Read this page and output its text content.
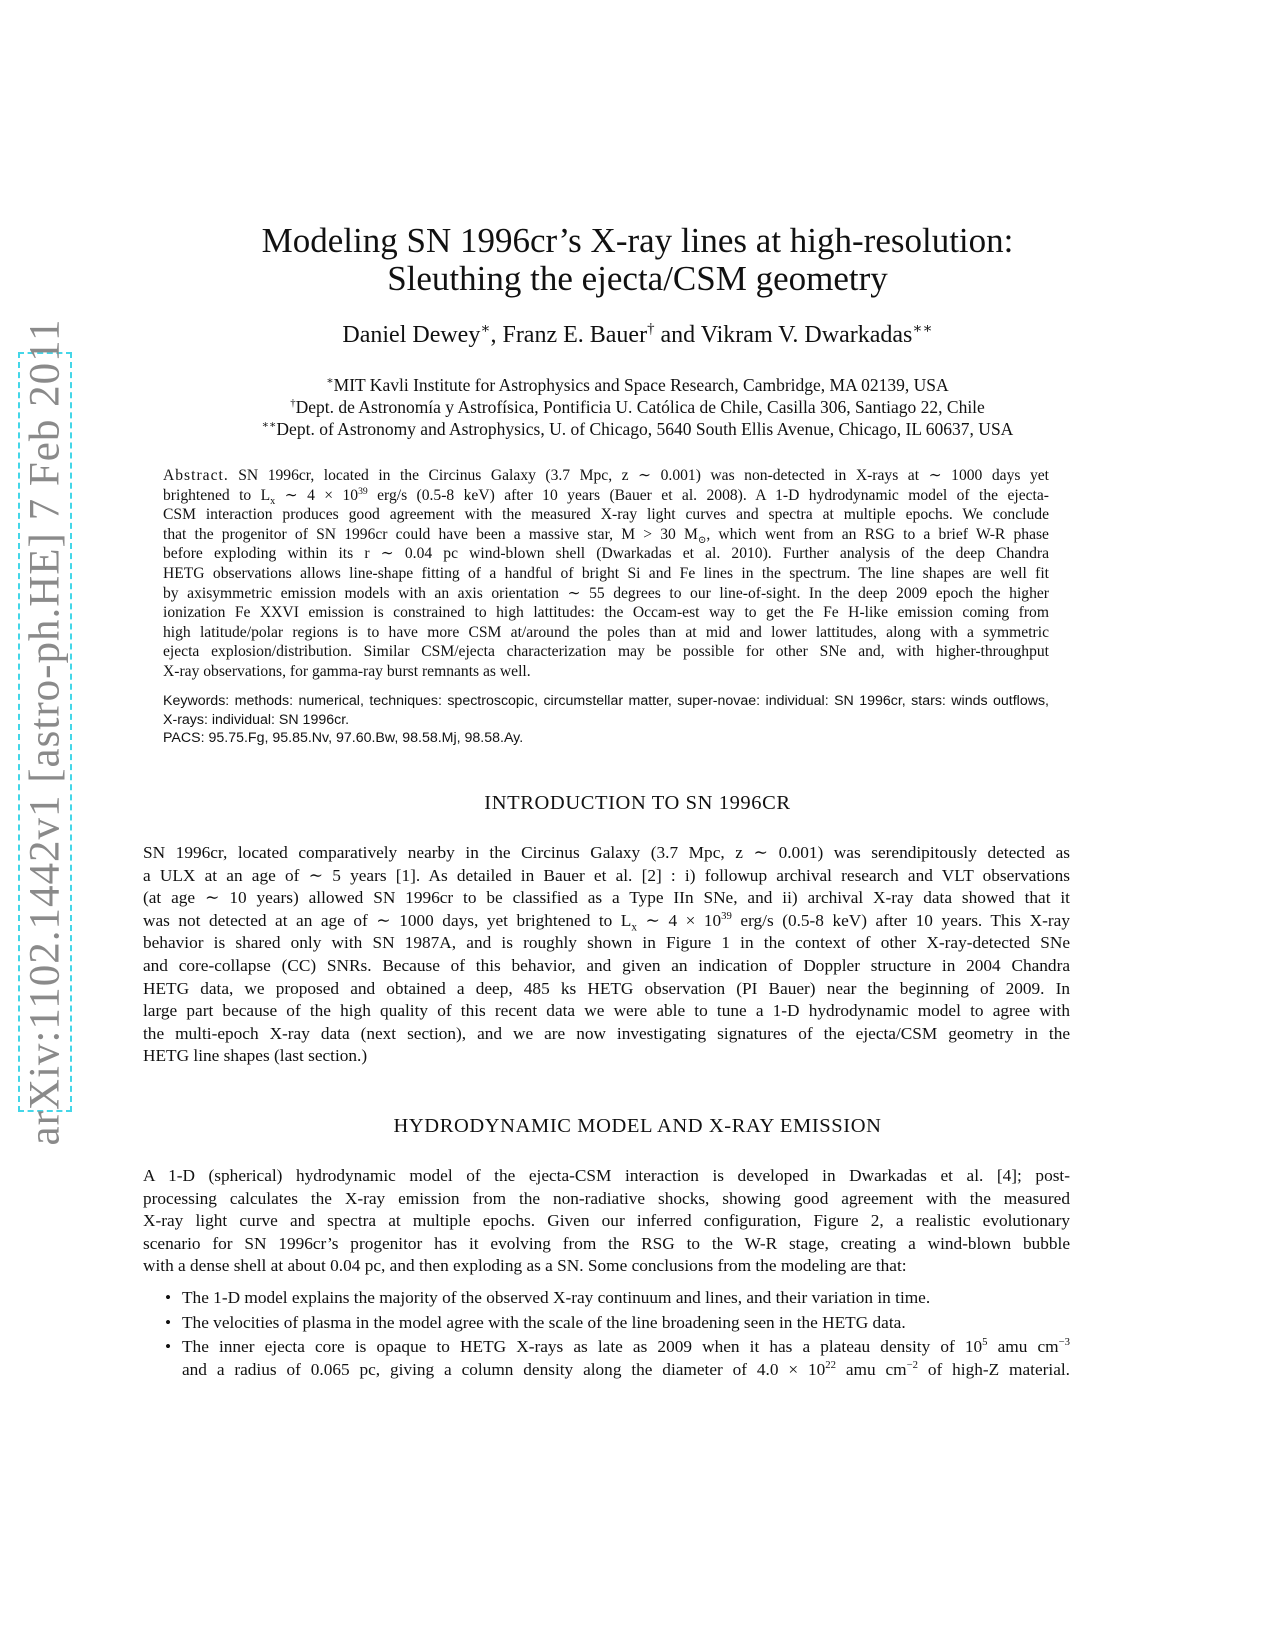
arXiv:1102.1442v1 [astro-ph.HE] 7 Feb 2011
Modeling SN 1996cr’s X-ray lines at high-resolution:
Sleuthing the ejecta/CSM geometry
Daniel Dewey∗, Franz E. Bauer† and Vikram V. Dwarkadas∗∗
∗MIT Kavli Institute for Astrophysics and Space Research, Cambridge, MA 02139, USA
†Dept. de Astronomía y Astrofísica, Pontificia U. Católica de Chile, Casilla 306, Santiago 22, Chile
∗∗Dept. of Astronomy and Astrophysics, U. of Chicago, 5640 South Ellis Avenue, Chicago, IL 60637, USA
Abstract. SN 1996cr, located in the Circinus Galaxy (3.7 Mpc, z ∼ 0.001) was non-detected in X-rays at ∼ 1000 days yet
brightened to $L_x$ ∼ $4 \times 10^{39}$ erg/s (0.5-8 keV) after 10 years (Bauer et al. 2008). A 1-D hydrodynamic model of the ejecta-
CSM interaction produces good agreement with the measured X-ray light curves and spectra at multiple epochs. We conclude
that the progenitor of SN 1996cr could have been a massive star, M > 30 $M_⊙$, which went from an RSG to a brief W-R phase
before exploding within its r ∼ 0.04 pc wind-blown shell (Dwarkadas et al. 2010). Further analysis of the deep Chandra
HETG observations allows line-shape fitting of a handful of bright Si and Fe lines in the spectrum. The line shapes are well fit
by axisymmetric emission models with an axis orientation ∼ 55 degrees to our line-of-sight. In the deep 2009 epoch the higher
ionization Fe XXVI emission is constrained to high lattitudes: the Occam-est way to get the Fe H-like emission coming from
high latitude/polar regions is to have more CSM at/around the poles than at mid and lower lattitudes, along with a symmetric
ejecta explosion/distribution. Similar CSM/ejecta characterization may be possible for other SNe and, with higher-throughput
X-ray observations, for gamma-ray burst remnants as well.
Keywords: methods: numerical, techniques: spectroscopic, circumstellar matter, super-novae: individual: SN 1996cr, stars: winds outflows,
X-rays: individual: SN 1996cr.
PACS: 95.75.Fg, 95.85.Nv, 97.60.Bw, 98.58.Mj, 98.58.Ay.
INTRODUCTION TO SN 1996CR
SN 1996cr, located comparatively nearby in the Circinus Galaxy (3.7 Mpc, z ∼ 0.001) was serendipitously detected as
a ULX at an age of ∼ 5 years [1]. As detailed in Bauer et al. [2] : i) followup archival research and VLT observations
(at age ∼ 10 years) allowed SN 1996cr to be classified as a Type IIn SNe, and ii) archival X-ray data showed that it
was not detected at an age of ∼ 1000 days, yet brightened to $L_x$ ∼ $4 \times 10^{39}$ erg/s (0.5-8 keV) after 10 years. This X-ray
behavior is shared only with SN 1987A, and is roughly shown in Figure 1 in the context of other X-ray-detected SNe
and core-collapse (CC) SNRs. Because of this behavior, and given an indication of Doppler structure in 2004 Chandra
HETG data, we proposed and obtained a deep, 485 ks HETG observation (PI Bauer) near the beginning of 2009. In
large part because of the high quality of this recent data we were able to tune a 1-D hydrodynamic model to agree with
the multi-epoch X-ray data (next section), and we are now investigating signatures of the ejecta/CSM geometry in the
HETG line shapes (last section.)
HYDRODYNAMIC MODEL AND X-RAY EMISSION
A 1-D (spherical) hydrodynamic model of the ejecta-CSM interaction is developed in Dwarkadas et al. [4]; post-
processing calculates the X-ray emission from the non-radiative shocks, showing good agreement with the measured
X-ray light curve and spectra at multiple epochs. Given our inferred configuration, Figure 2, a realistic evolutionary
scenario for SN 1996cr’s progenitor has it evolving from the RSG to the W-R stage, creating a wind-blown bubble
with a dense shell at about 0.04 pc, and then exploding as a SN. Some conclusions from the modeling are that:
• The 1-D model explains the majority of the observed X-ray continuum and lines, and their variation in time.
• The velocities of plasma in the model agree with the scale of the line broadening seen in the HETG data.
• The inner ejecta core is opaque to HETG X-rays as late as 2009 when it has a plateau density of $10^5$ amu $cm^{-3}$
and a radius of 0.065 pc, giving a column density along the diameter of $4.0 \times 10^{22}$ amu $cm^{-2}$ of high-Z material.
